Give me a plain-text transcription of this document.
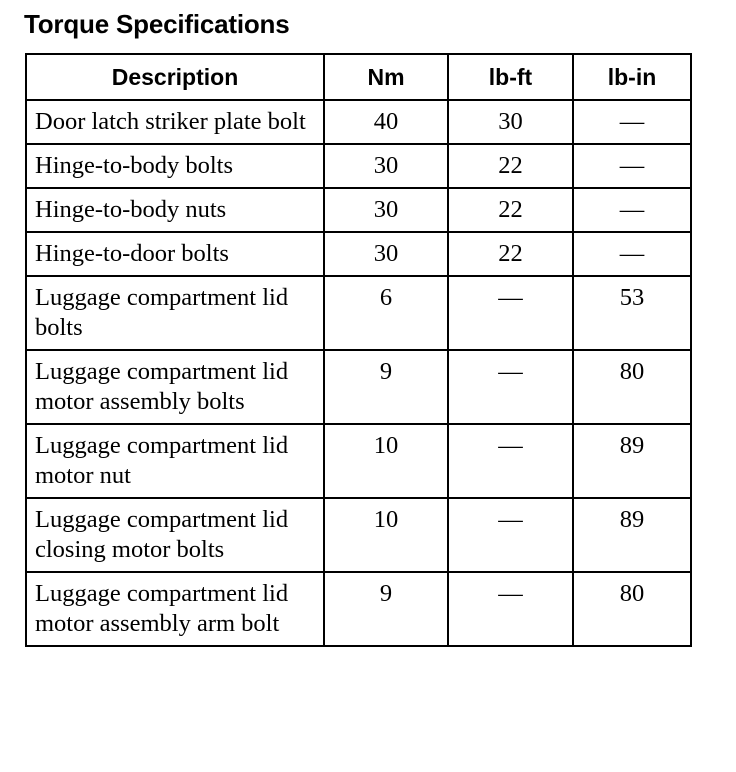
Torque Specifications
Description	Nm	lb-ft	lb-in
Door latch striker plate bolt	40	30	—
Hinge-to-body bolts	30	22	—
Hinge-to-body nuts	30	22	—
Hinge-to-door bolts	30	22	—
Luggage compartment lid bolts	6	—	53
Luggage compartment lid motor assembly bolts	9	—	80
Luggage compartment lid motor nut	10	—	89
Luggage compartment lid closing motor bolts	10	—	89
Luggage compartment lid motor assembly arm bolt	9	—	80
